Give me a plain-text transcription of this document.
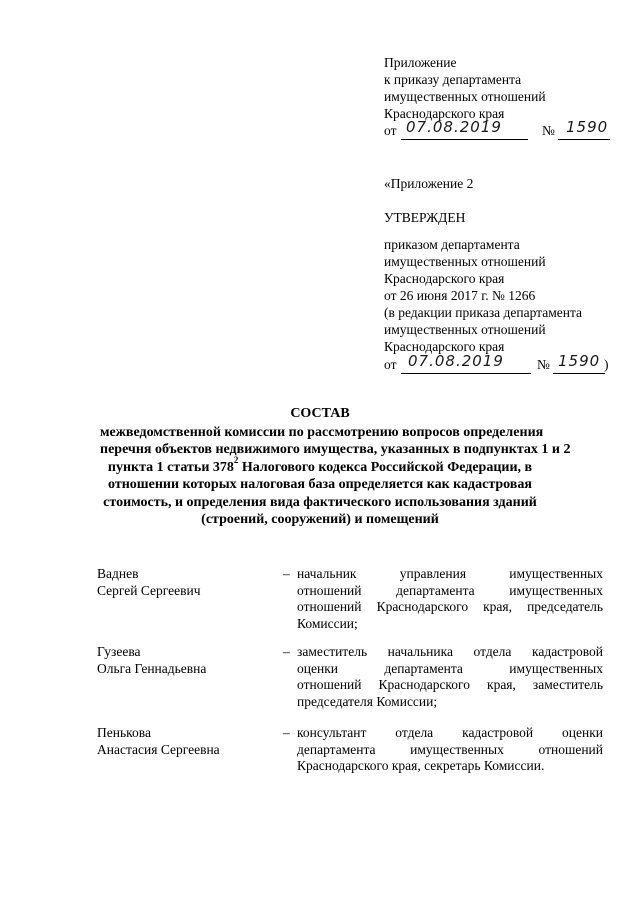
Приложение
к приказу департамента
имущественных отношений
Краснодарского края
от 07.08.2019	№ 1590
«Приложение 2
УТВЕРЖДЕН
приказом департамента
имущественных отношений
Краснодарского края
от 26 июня 2017 г. № 1266
(в редакции приказа департамента
имущественных отношений
Краснодарского края
от 07.08.2019 № 1590 )
СОСТАВ
межведомственной комиссии по рассмотрению вопросов определения
перечня объектов недвижимого имущества, указанных в подпунктах 1 и 2
пункта 1 статьи $378^2$ Налогового кодекса Российской Федерации, в
отношении которых налоговая база определяется как кадастровая
стоимость, и определения вида фактического использования зданий
(строений, сооружений) и помещений
Ваднев
Сергей Сергеевич
– начальник управления имущественных
отношений департамента имущественных
отношений Краснодарского края, председатель
Комиссии;
Гузеева
Ольга Геннадьевна
– заместитель начальника отдела кадастровой
оценки департамента имущественных
отношений Краснодарского края, заместитель
председателя Комиссии;
Пенькова
Анастасия Сергеевна
– консультант отдела кадастровой оценки
департамента имущественных отношений
Краснодарского края, секретарь Комиссии.
